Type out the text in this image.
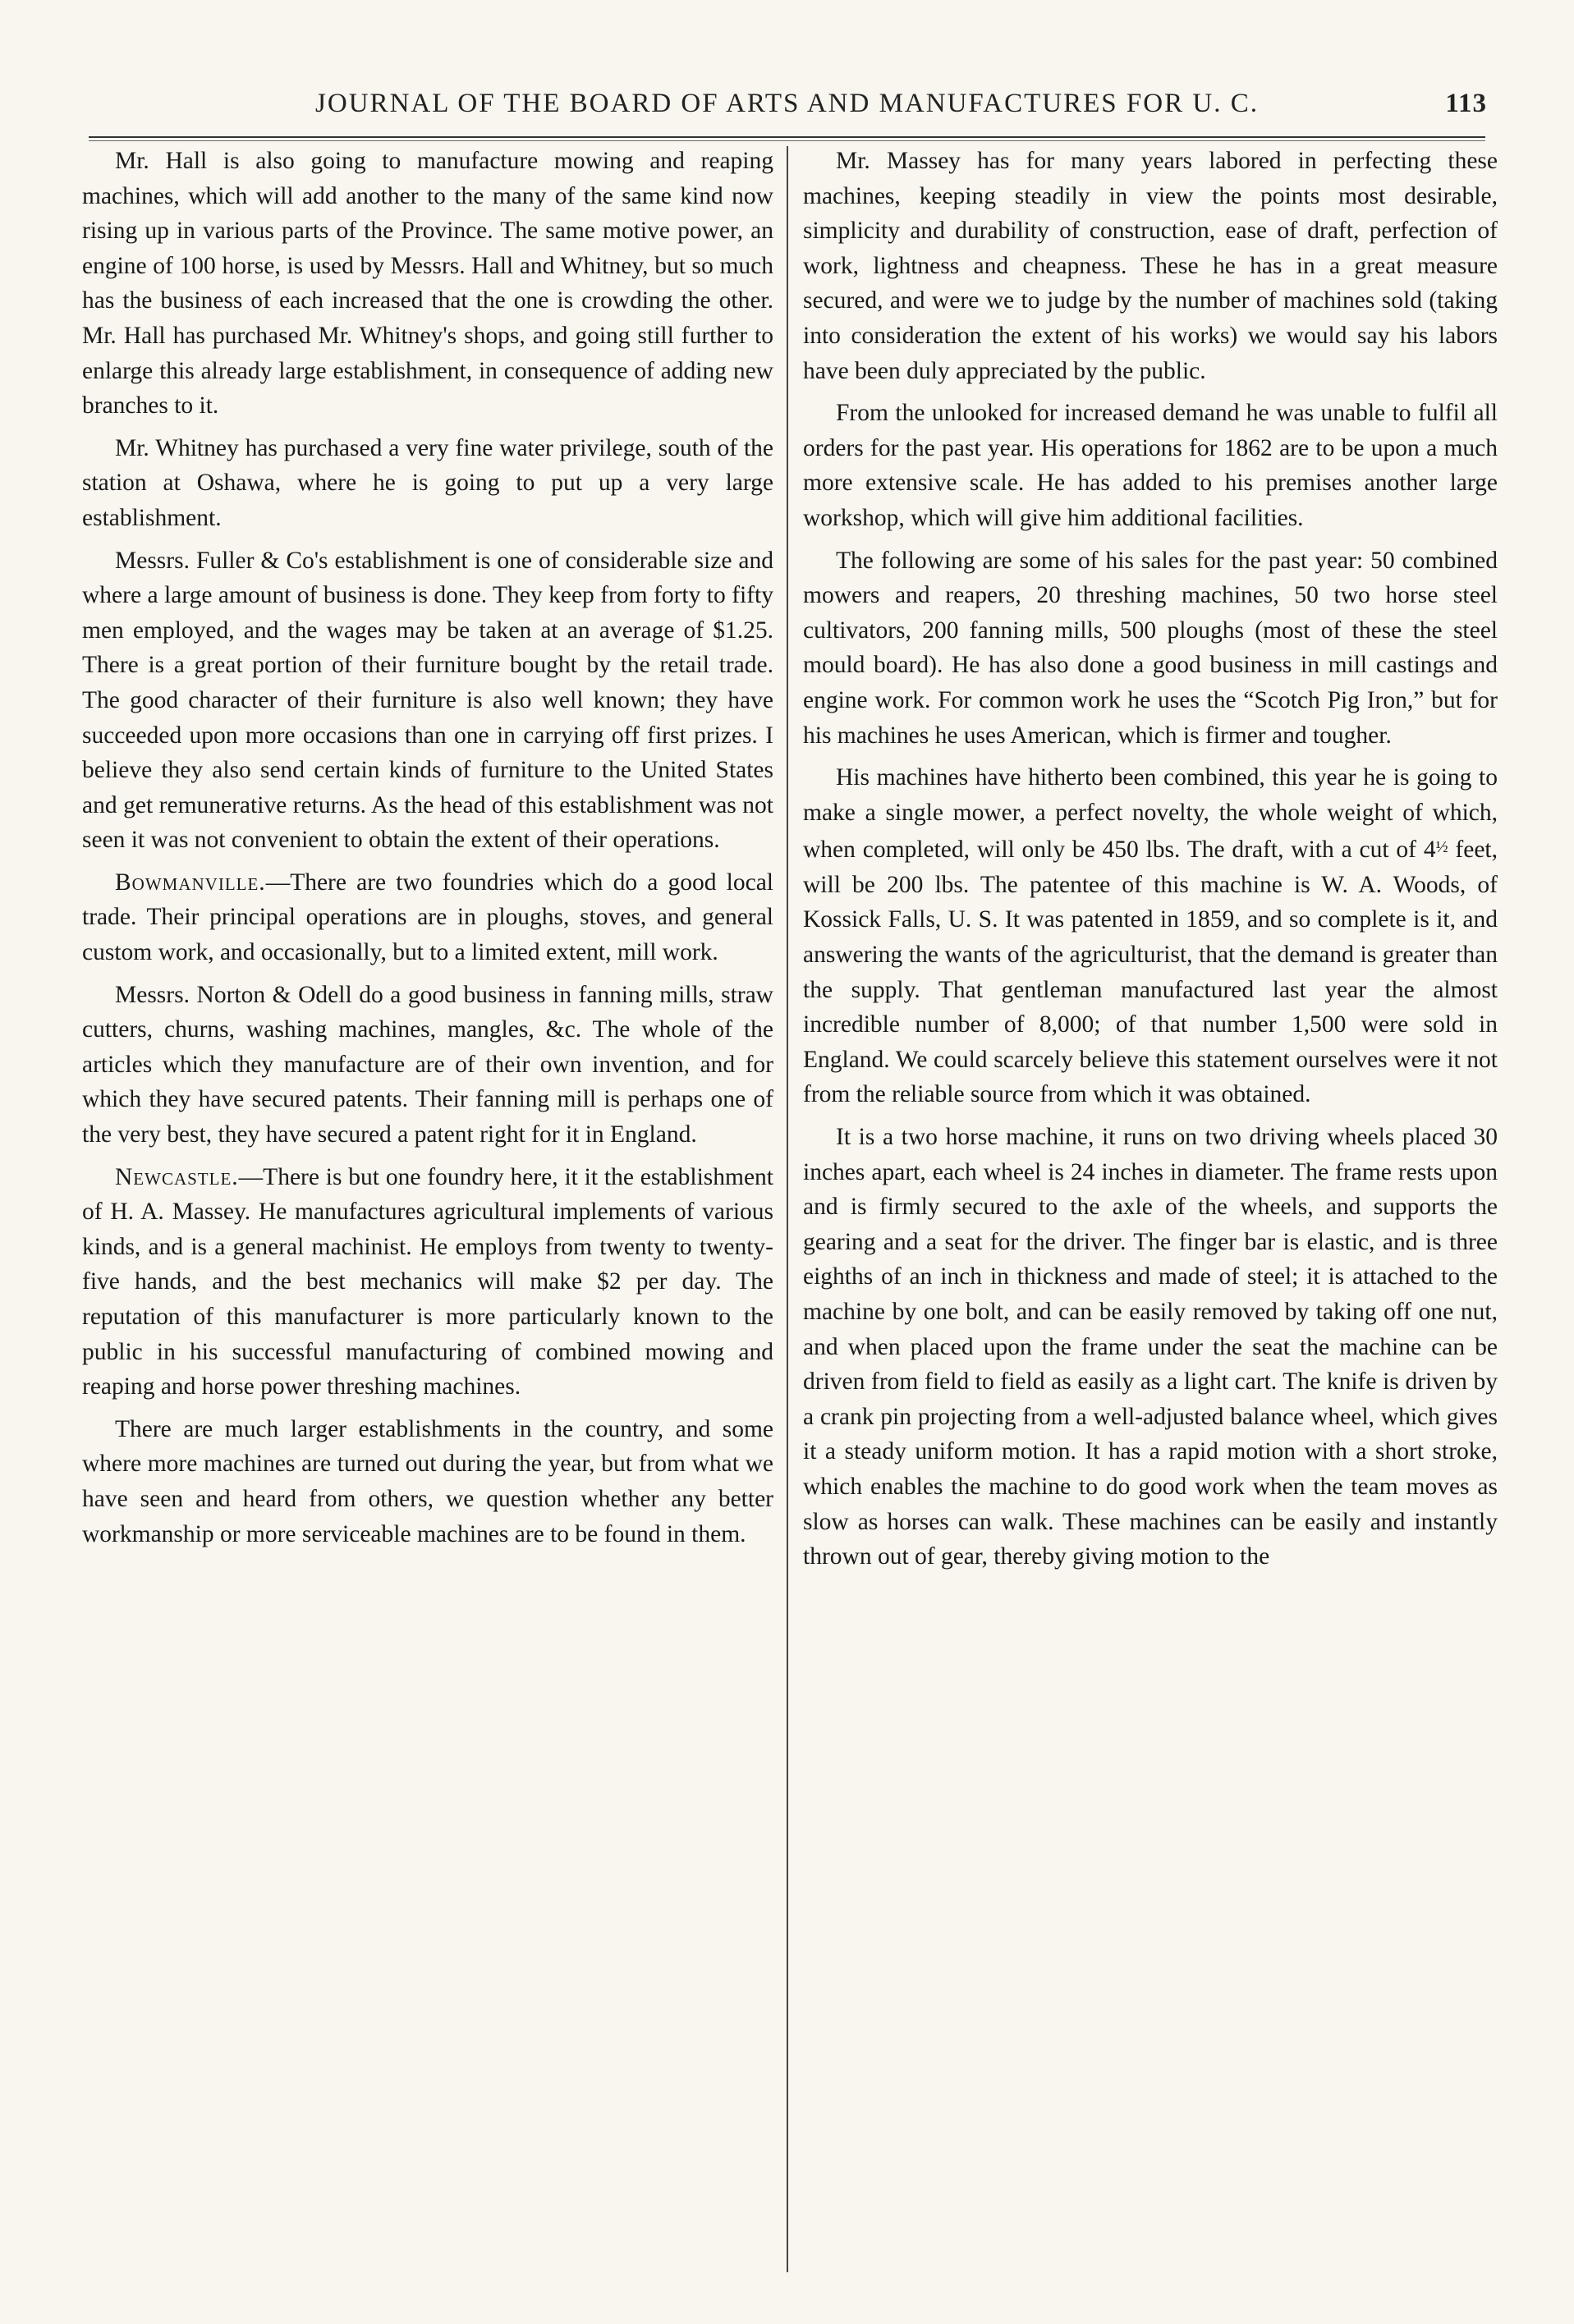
JOURNAL OF THE BOARD OF ARTS AND MANUFACTURES FOR U. C.	113

Mr. Hall is also going to manufacture mowing and reaping machines, which will add another to the many of the same kind now rising up in various parts of the Province. The same motive power, an engine of 100 horse, is used by Messrs. Hall and Whitney, but so much has the business of each increased that the one is crowding the other. Mr. Hall has purchased Mr. Whitney's shops, and going still further to enlarge this already large establishment, in consequence of adding new branches to it.

Mr. Whitney has purchased a very fine water privilege, south of the station at Oshawa, where he is going to put up a very large establishment.

Messrs. Fuller & Co's establishment is one of considerable size and where a large amount of business is done. They keep from forty to fifty men employed, and the wages may be taken at an average of $1.25. There is a great portion of their furniture bought by the retail trade. The good character of their furniture is also well known; they have succeeded upon more occasions than one in carrying off first prizes. I believe they also send certain kinds of furniture to the United States and get remunerative returns. As the head of this establishment was not seen it was not convenient to obtain the extent of their operations.

Bowmanville.—There are two foundries which do a good local trade. Their principal operations are in ploughs, stoves, and general custom work, and occasionally, but to a limited extent, mill work.

Messrs. Norton & Odell do a good business in fanning mills, straw cutters, churns, washing machines, mangles, &c. The whole of the articles which they manufacture are of their own invention, and for which they have secured patents. Their fanning mill is perhaps one of the very best, they have secured a patent right for it in England.

Newcastle.—There is but one foundry here, it it the establishment of H. A. Massey. He manufactures agricultural implements of various kinds, and is a general machinist. He employs from twenty to twenty-five hands, and the best mechanics will make $2 per day. The reputation of this manufacturer is more particularly known to the public in his successful manufacturing of combined mowing and reaping and horse power threshing machines.

There are much larger establishments in the country, and some where more machines are turned out during the year, but from what we have seen and heard from others, we question whether any better workmanship or more serviceable machines are to be found in them.

Mr. Massey has for many years labored in perfecting these machines, keeping steadily in view the points most desirable, simplicity and durability of construction, ease of draft, perfection of work, lightness and cheapness. These he has in a great measure secured, and were we to judge by the number of machines sold (taking into consideration the extent of his works) we would say his labors have been duly appreciated by the public.

From the unlooked for increased demand he was unable to fulfil all orders for the past year. His operations for 1862 are to be upon a much more extensive scale. He has added to his premises another large workshop, which will give him additional facilities.

The following are some of his sales for the past year: 50 combined mowers and reapers, 20 threshing machines, 50 two horse steel cultivators, 200 fanning mills, 500 ploughs (most of these the steel mould board). He has also done a good business in mill castings and engine work. For common work he uses the “Scotch Pig Iron,” but for his machines he uses American, which is firmer and tougher.

His machines have hitherto been combined, this year he is going to make a single mower, a perfect novelty, the whole weight of which, when completed, will only be 450 lbs. The draft, with a cut of $4^{\frac{1}{2}}$ feet, will be 200 lbs. The patentee of this machine is W. A. Woods, of Kossick Falls, U. S. It was patented in 1859, and so complete is it, and answering the wants of the agriculturist, that the demand is greater than the supply. That gentleman manufactured last year the almost incredible number of 8,000; of that number 1,500 were sold in England. We could scarcely believe this statement ourselves were it not from the reliable source from which it was obtained.

It is a two horse machine, it runs on two driving wheels placed 30 inches apart, each wheel is 24 inches in diameter. The frame rests upon and is firmly secured to the axle of the wheels, and supports the gearing and a seat for the driver. The finger bar is elastic, and is three eighths of an inch in thickness and made of steel; it is attached to the machine by one bolt, and can be easily removed by taking off one nut, and when placed upon the frame under the seat the machine can be driven from field to field as easily as a light cart. The knife is driven by a crank pin projecting from a well-adjusted balance wheel, which gives it a steady uniform motion. It has a rapid motion with a short stroke, which enables the machine to do good work when the team moves as slow as horses can walk. These machines can be easily and instantly thrown out of gear, thereby giving motion to the
